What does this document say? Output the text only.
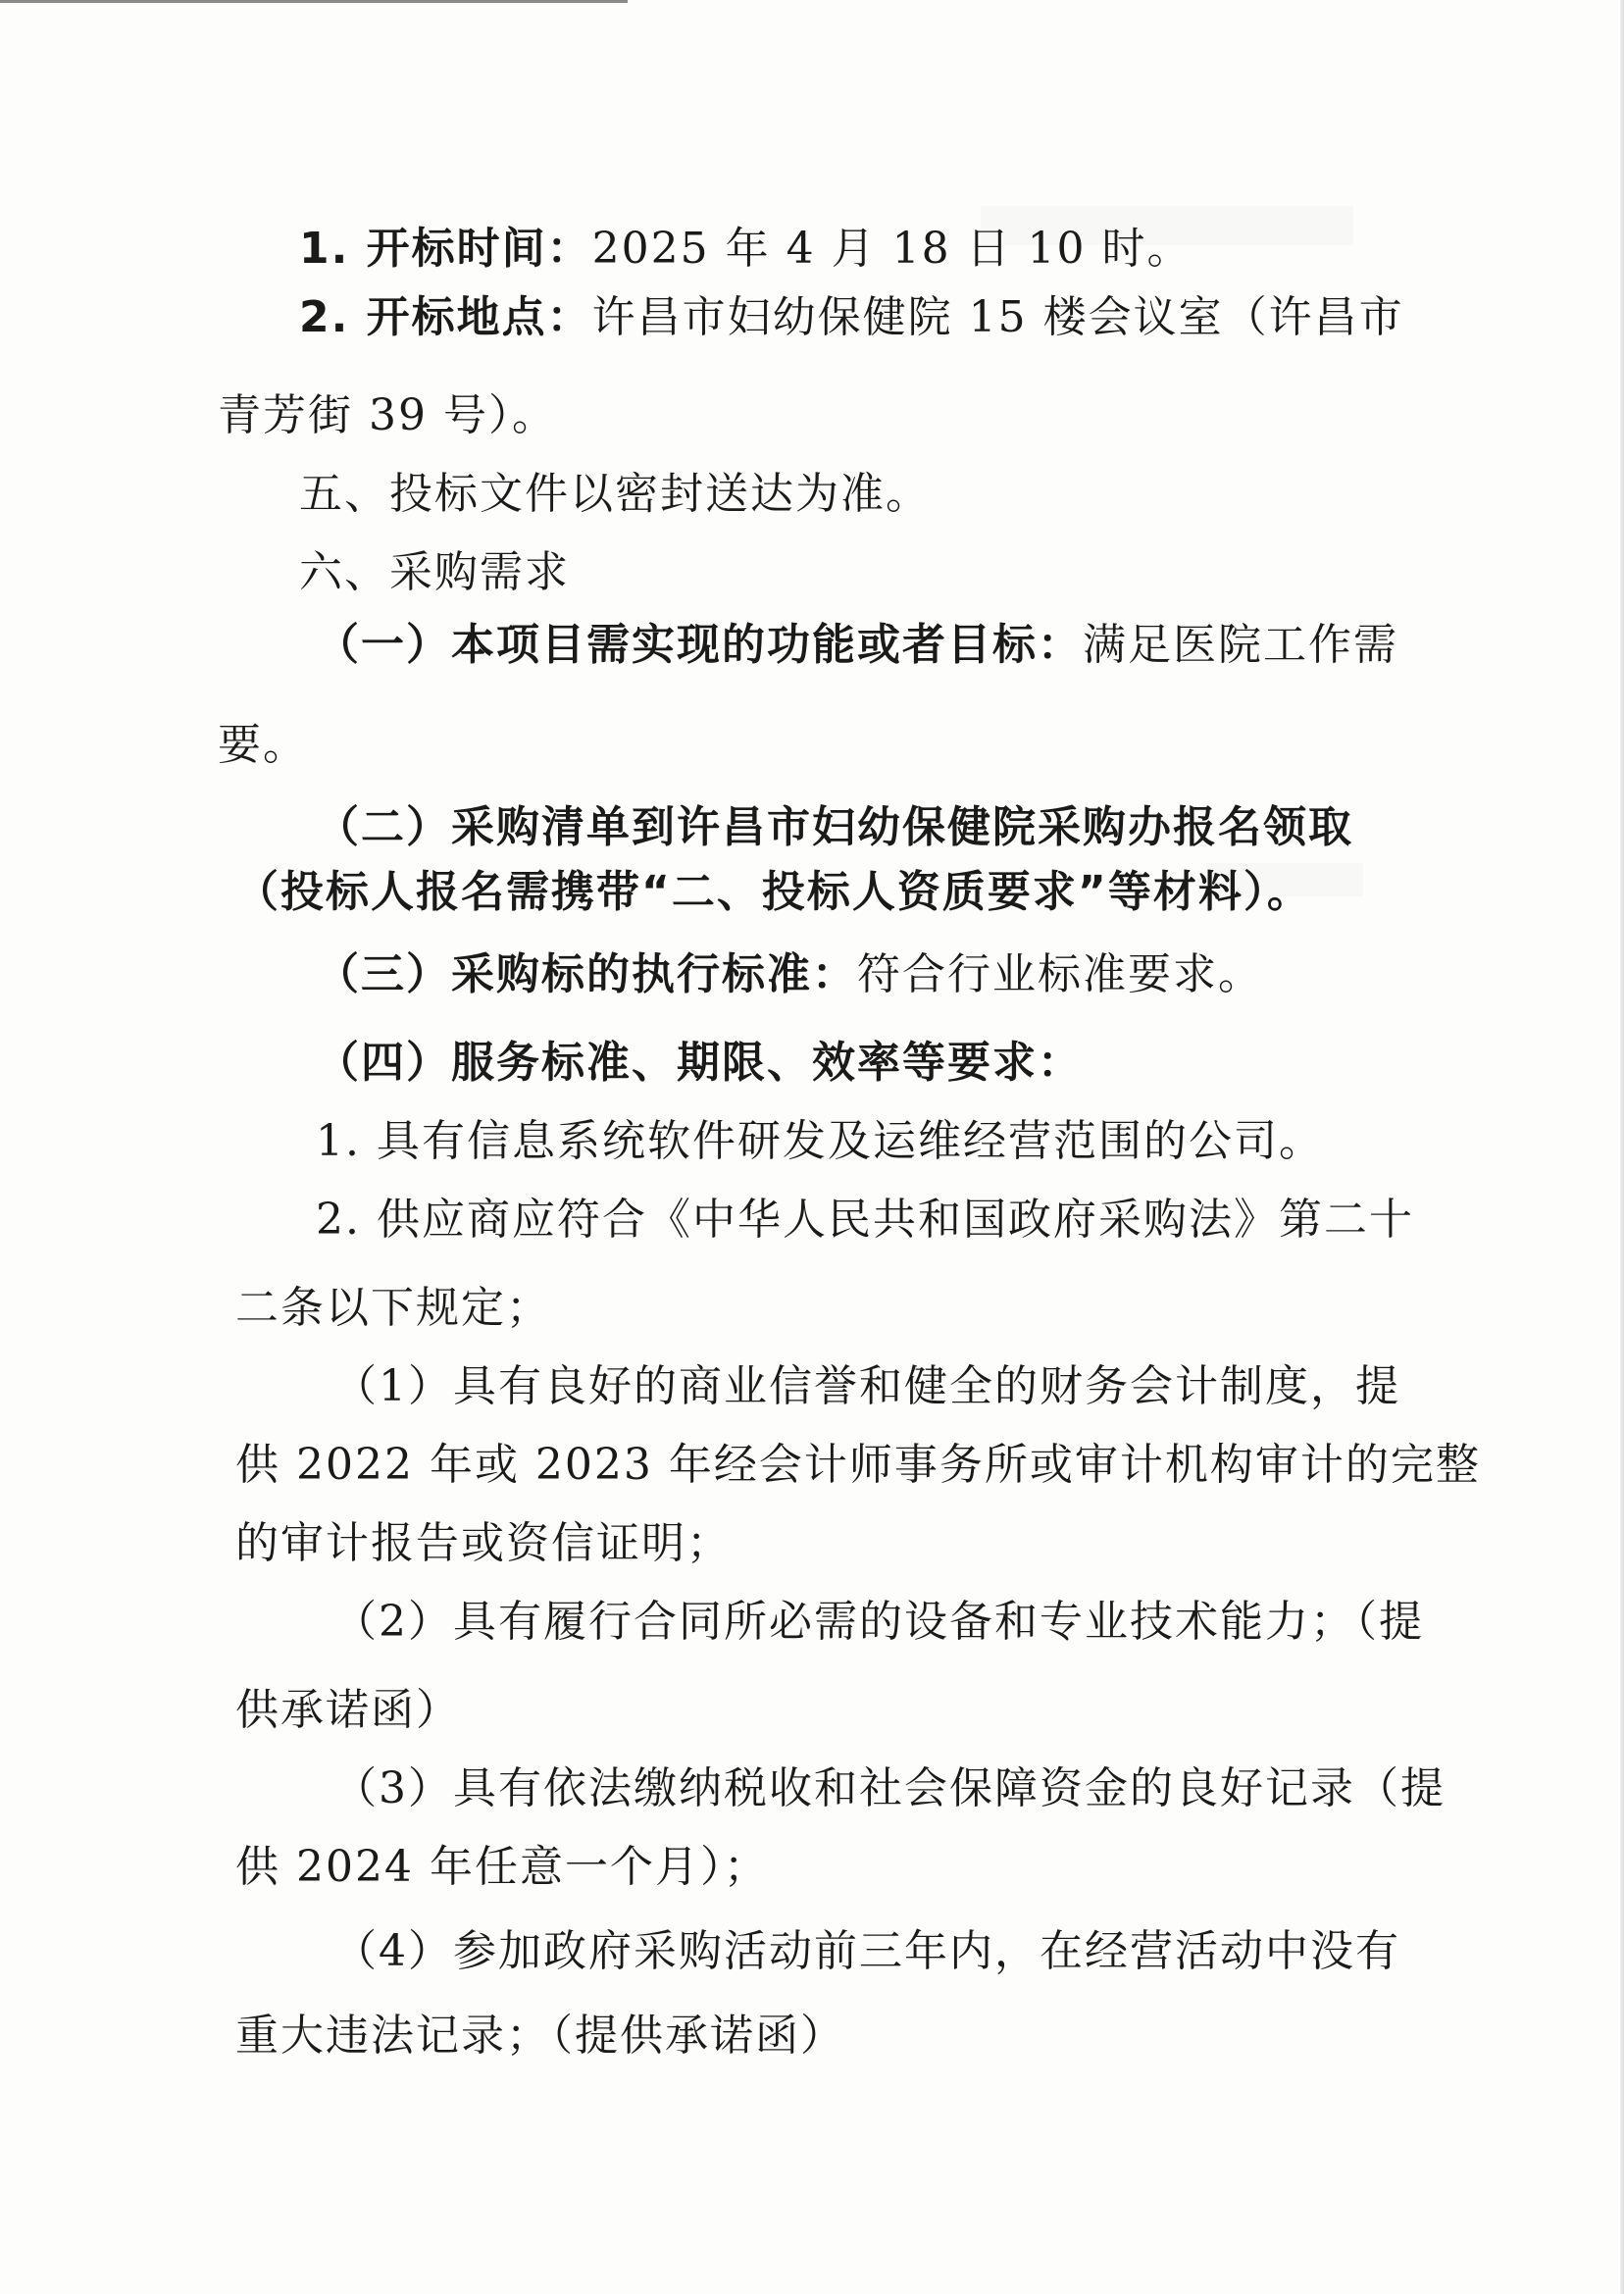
1. 开标时间：2025 年 4 月 18 日 10 时。
2. 开标地点：许昌市妇幼保健院 15 楼会议室（许昌市
青芳街 39 号）。
五、投标文件以密封送达为准。
六、采购需求
（一）本项目需实现的功能或者目标：满足医院工作需
要。
（二）采购清单到许昌市妇幼保健院采购办报名领取
（投标人报名需携带“二、投标人资质要求”等材料）。
（三）采购标的执行标准：符合行业标准要求。
（四）服务标准、期限、效率等要求：
1. 具有信息系统软件研发及运维经营范围的公司。
2. 供应商应符合《中华人民共和国政府采购法》第二十
二条以下规定；
（1）具有良好的商业信誉和健全的财务会计制度，提
供 2022 年或 2023 年经会计师事务所或审计机构审计的完整
的审计报告或资信证明；
（2）具有履行合同所必需的设备和专业技术能力；（提
供承诺函）
（3）具有依法缴纳税收和社会保障资金的良好记录（提
供 2024 年任意一个月）；
（4）参加政府采购活动前三年内，在经营活动中没有
重大违法记录；（提供承诺函）
